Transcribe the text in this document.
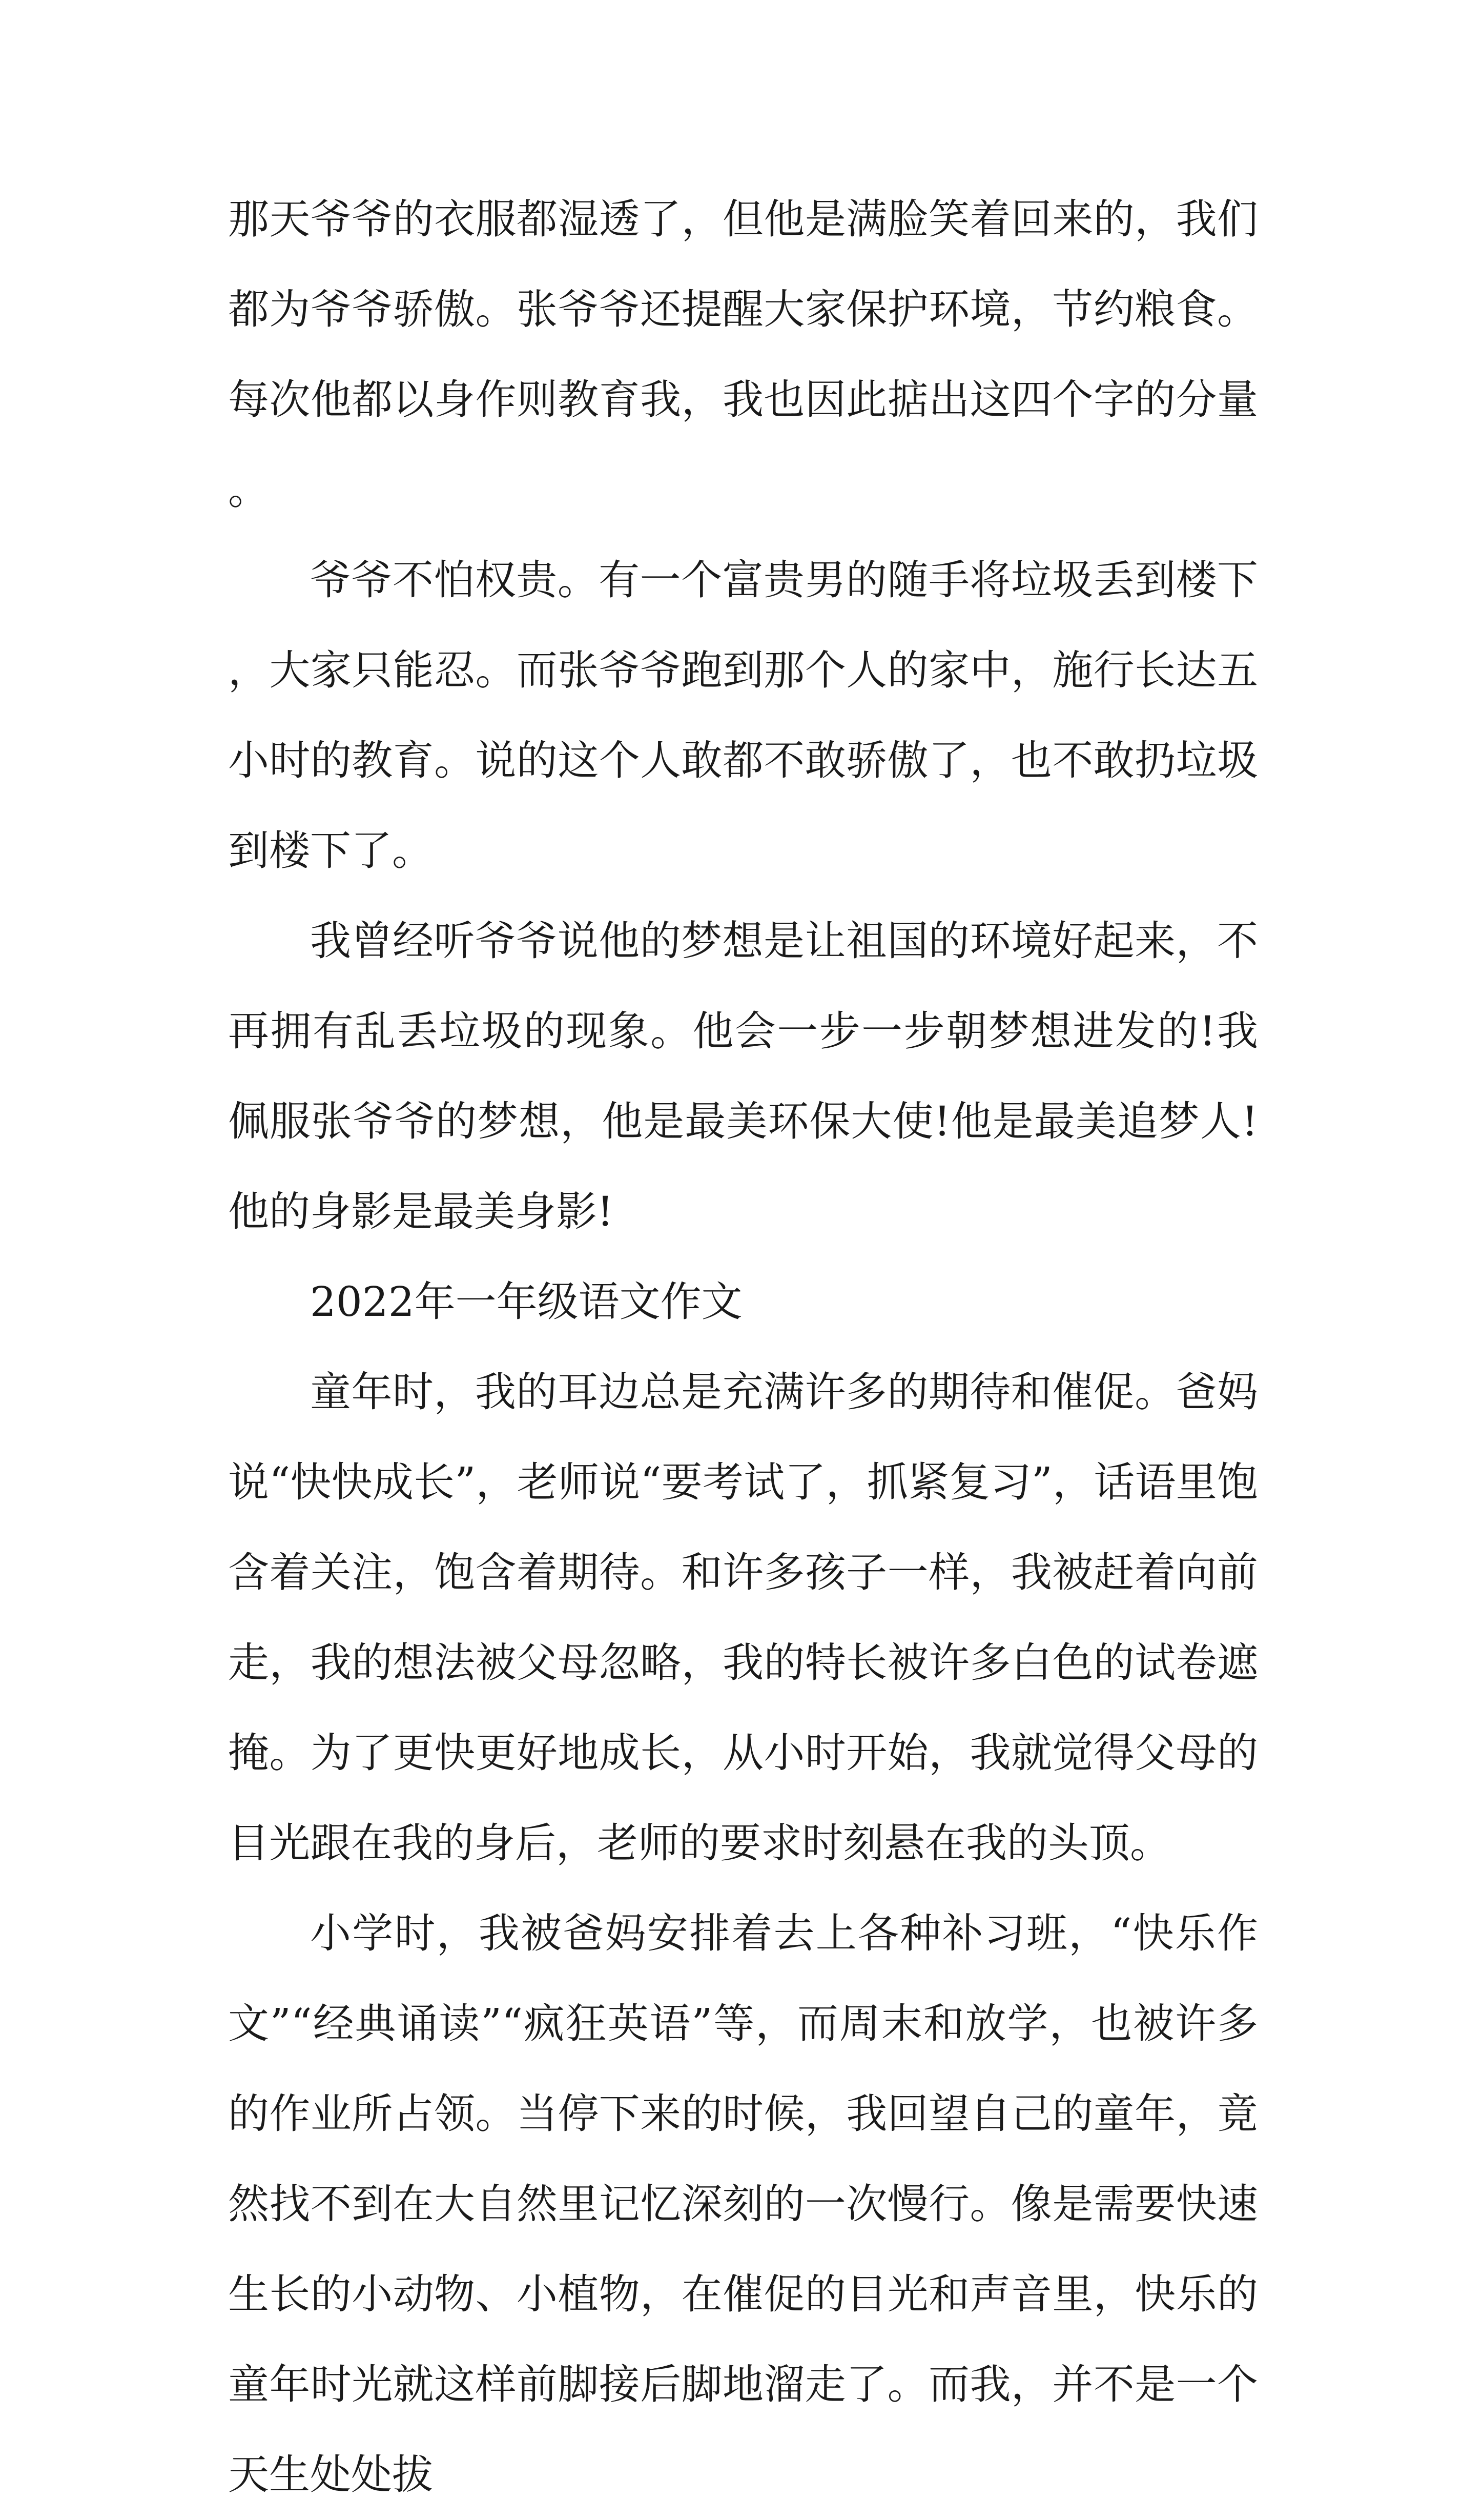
那天爷爷的衣服都湿透了，但他是满脸笑着回来的，我们都为爷爷骄傲。张爷爷还提醒大家保护环境，节约粮食。每次他都以身作则教育我，我也因此掂出这四个字的分量。

爷爷不怕权贵。有一个富贵男的随手将垃圾丢到楼下，大家只能忍。而张爷爷跑到那个人的家中，施行长达五小时的教育。说的这个人敢都不敢骄傲了，也不敢扔垃圾到楼下了。

我曾经听爷爷说他的梦想是让祖国的环境好起来，不再拥有乱丢垃圾的现象。他会一步一步朝梦想进发的!我佩服张爷爷的梦想，他是最美环保大使!他是最美追梦人!他的身影是最美身影!

2022年一年级语文作文

童年时，我的耳边总是充满许多的期待和催促。爸妈说“快快成长”，老师说“要考试了，抓紧复习”，话语里饱含着关注，饱含着期待。和许多孩子一样，我被赶着向前走，我的想法被父母忽略，我的特长被许多白色的试卷遮掩。为了更快更好地成长，从小时开始，我就觉得父母的目光跟在我的身后，老师的要求时刻悬在我的头顶。

小学时，我被爸妈安排着去上各种补习班，“快乐作文”“经典诵读”“疯狂英语”等，而周末和放学，也被许多的作业所占领。当停下来的时候，我回望自己的童年，竟然找不到在大自然里记忆深刻的一次慢行。像是需要快速生长的小动物、小植物，在催促的目光和声音里，快乐的童年时光就这样前脚接后脚地溜走了。而我，并不是一个天生处处拔
